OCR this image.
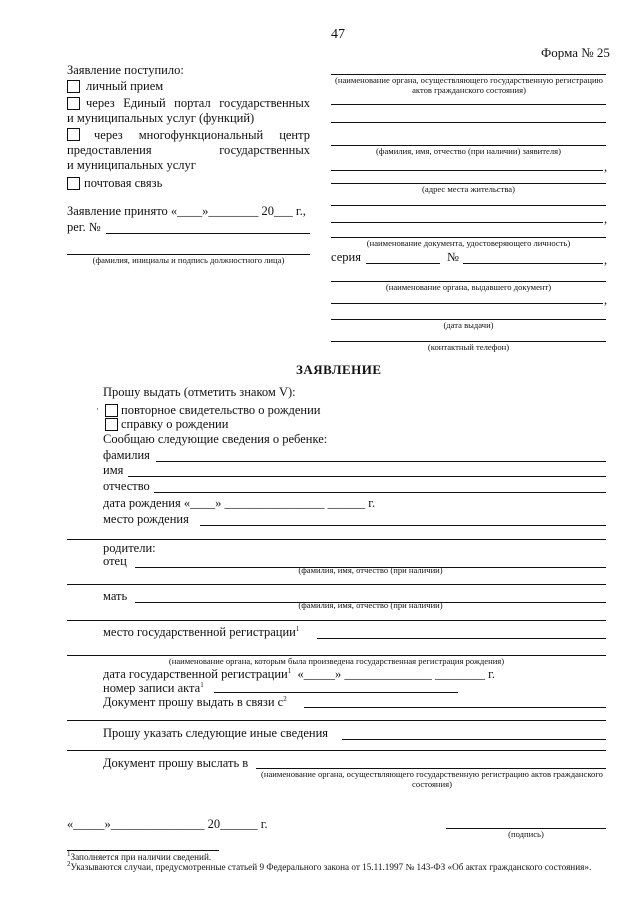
47
Форма № 25
Заявление поступило:
личный прием
через Единый портал государственных
и муниципальных услуг (функций)
через многофункциональный центр
предоставления государственных
и муниципальных услуг
почтовая связь
Заявление принято «____»________ 20___ г.,
рег. №
(фамилия, инициалы и подпись должностного лица)
(наименование органа, осуществляющего государственную регистрацию актов гражданского состояния)
(фамилия, имя, отчество (при наличии) заявителя)
,
(адрес места жительства)
,
(наименование документа, удостоверяющего личность)
серия	№	,
(наименование органа, выдавшего документ)
,
(дата выдачи)
(контактный телефон)
ЗАЯВЛЕНИЕ
Прошу выдать (отметить знаком V):
· повторное свидетельство о рождении
справку о рождении
Сообщаю следующие сведения о ребенке:
фамилия
имя
отчество
дата рождения «____» ________________ ______ г.
место рождения
родители:
отец
(фамилия, имя, отчество (при наличии)
мать
(фамилия, имя, отчество (при наличии)
место государственной регистрации$^1$
(наименование органа, которым была произведена государственная регистрация рождения)
дата государственной регистрации$^1$ «_____» ______________ ________ г.
номер записи акта$^1$
Документ прошу выдать в связи $с^2$
Прошу указать следующие иные сведения
Документ прошу выслать в
(наименование органа, осуществляющего государственную регистрацию актов гражданского состояния)
«_____»_______________ 20______ г.
(подпись)
$^1$Заполняется при наличии сведений.
$^2$Указываются случаи, предусмотренные статьей 9 Федерального закона от 15.11.1997 № 143-ФЗ «Об актах гражданского состояния».
